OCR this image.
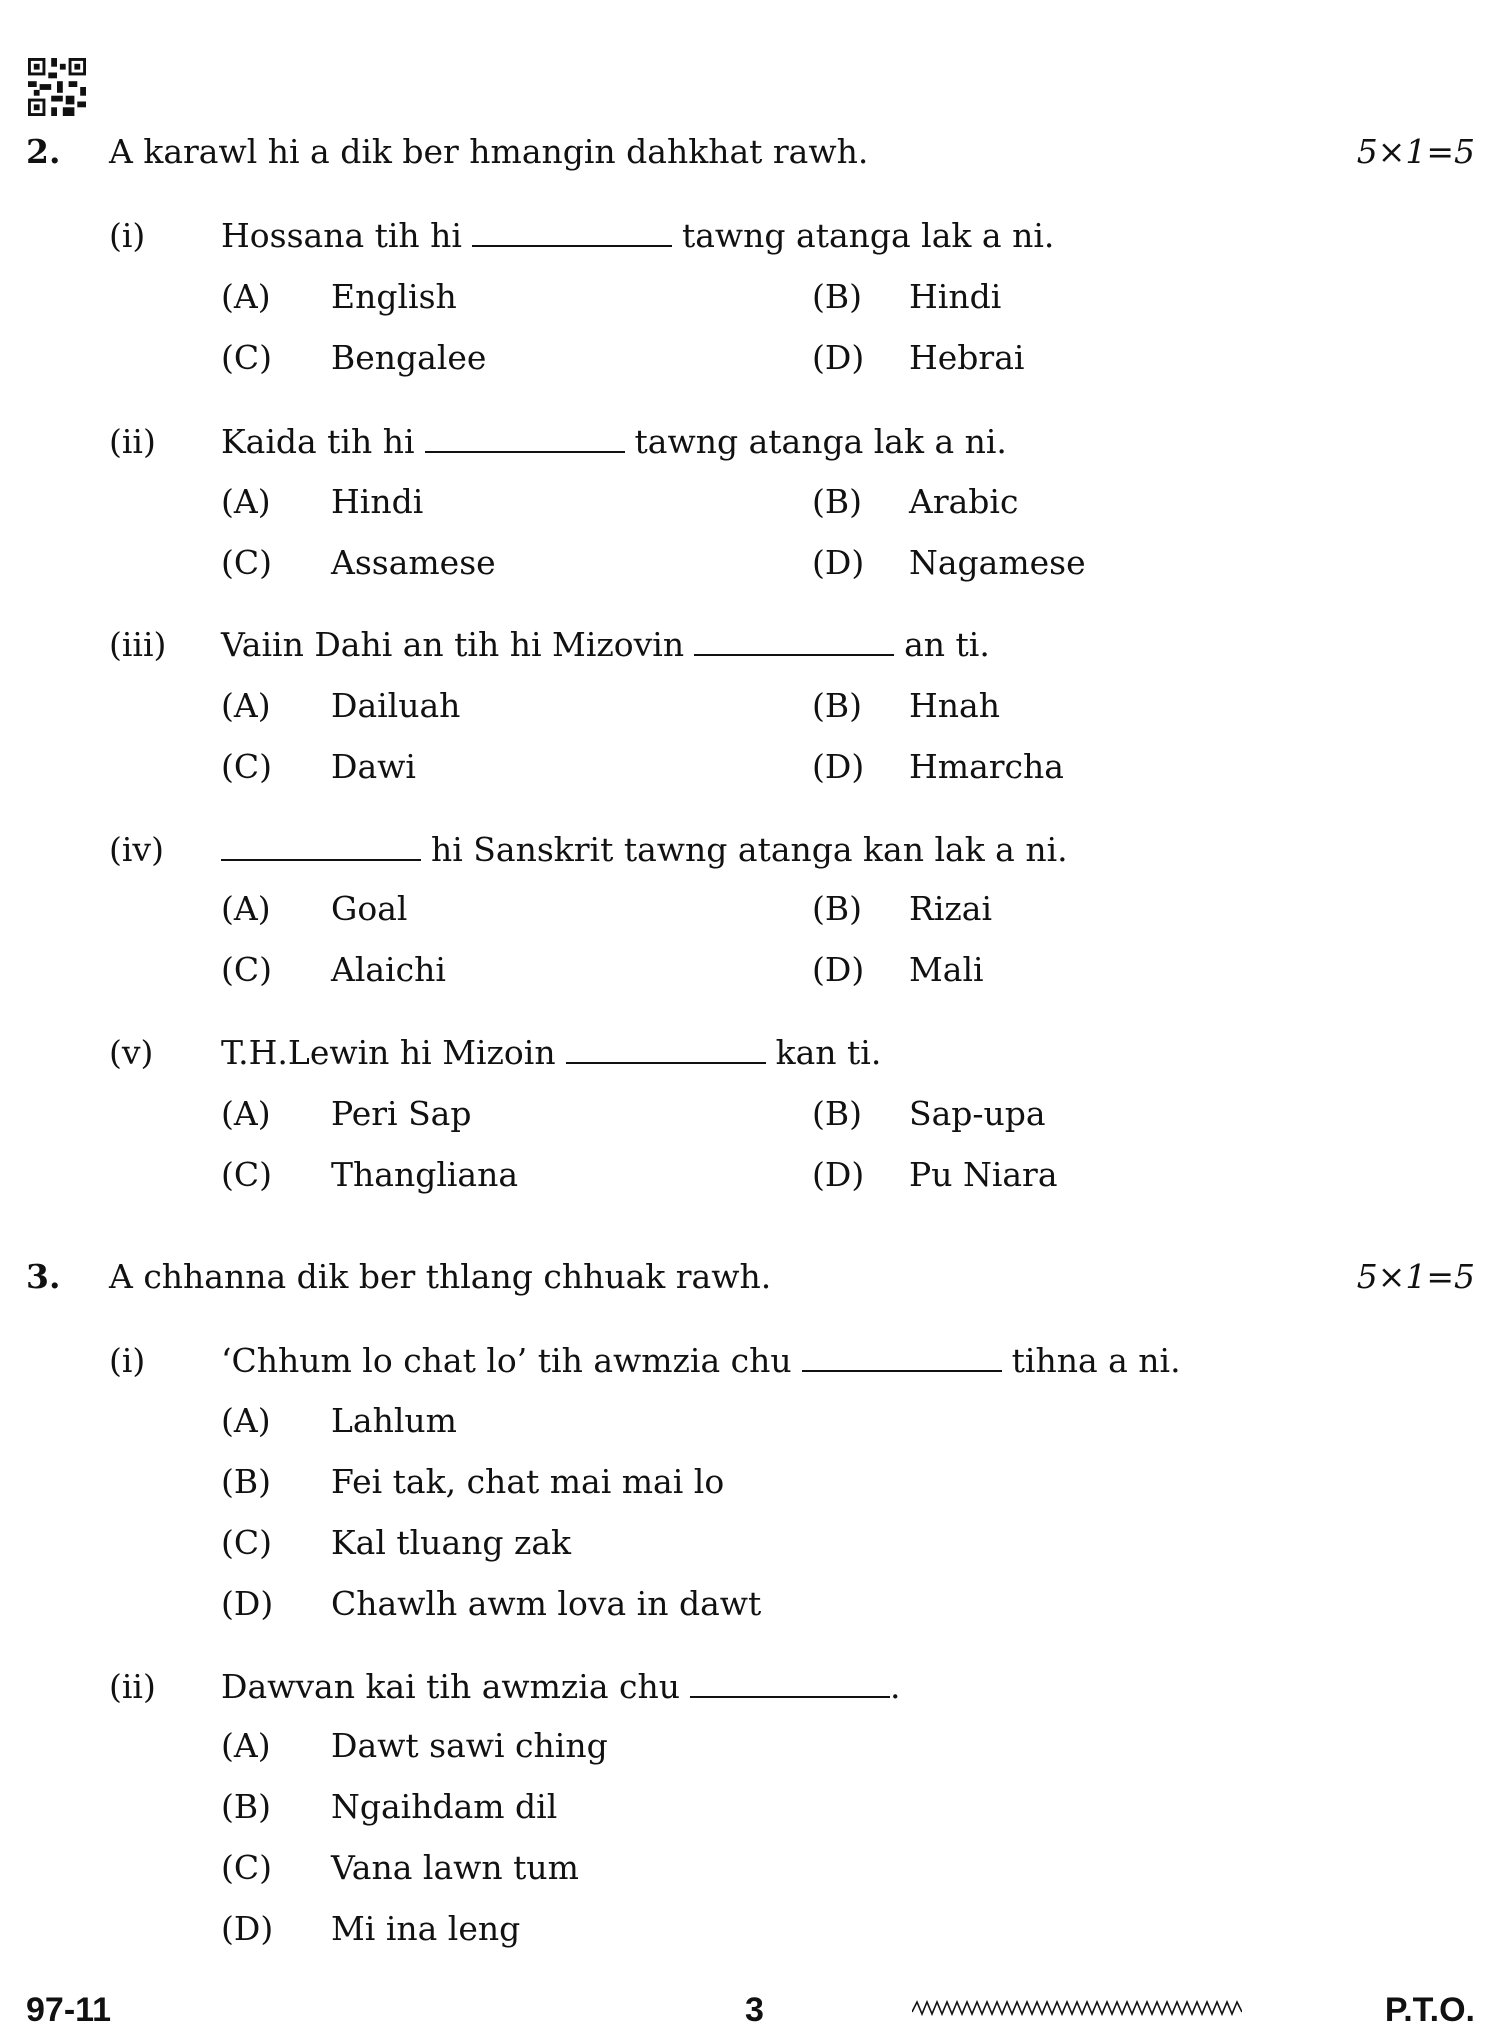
2. A karawl hi a dik ber hmangin dahkhat rawh.	5×1=5
(i) Hossana tih hi	tawng atanga lak a ni.
(A) English	(B) Hindi
(C) Bengalee	(D) Hebrai
(ii) Kaida tih hi	tawng atanga lak a ni.
(A) Hindi	(B) Arabic
(C) Assamese	(D) Nagamese
(iii) Vaiin Dahi an tih hi Mizovin	an ti.
(A) Dailuah	(B) Hnah
(C) Dawi	(D) Hmarcha
(iv)	hi Sanskrit tawng atanga kan lak a ni.
(A) Goal	(B) Rizai
(C) Alaichi	(D) Mali
(v) T.H.Lewin hi Mizoin	kan ti.
(A) Peri Sap	(B) Sap-upa
(C) Thangliana	(D) Pu Niara
3. A chhanna dik ber thlang chhuak rawh.	5×1=5
(i) ‘Chhum lo chat lo’ tih awmzia chu	tihna a ni.
(A) Lahlum
(B) Fei tak, chat mai mai lo
(C) Kal tluang zak
(D) Chawlh awm lova in dawt
(ii) Dawvan kai tih awmzia chu	.
(A) Dawt sawi ching
(B) Ngaihdam dil
(C) Vana lawn tum
(D) Mi ina leng
97-11	3	P.T.O.
